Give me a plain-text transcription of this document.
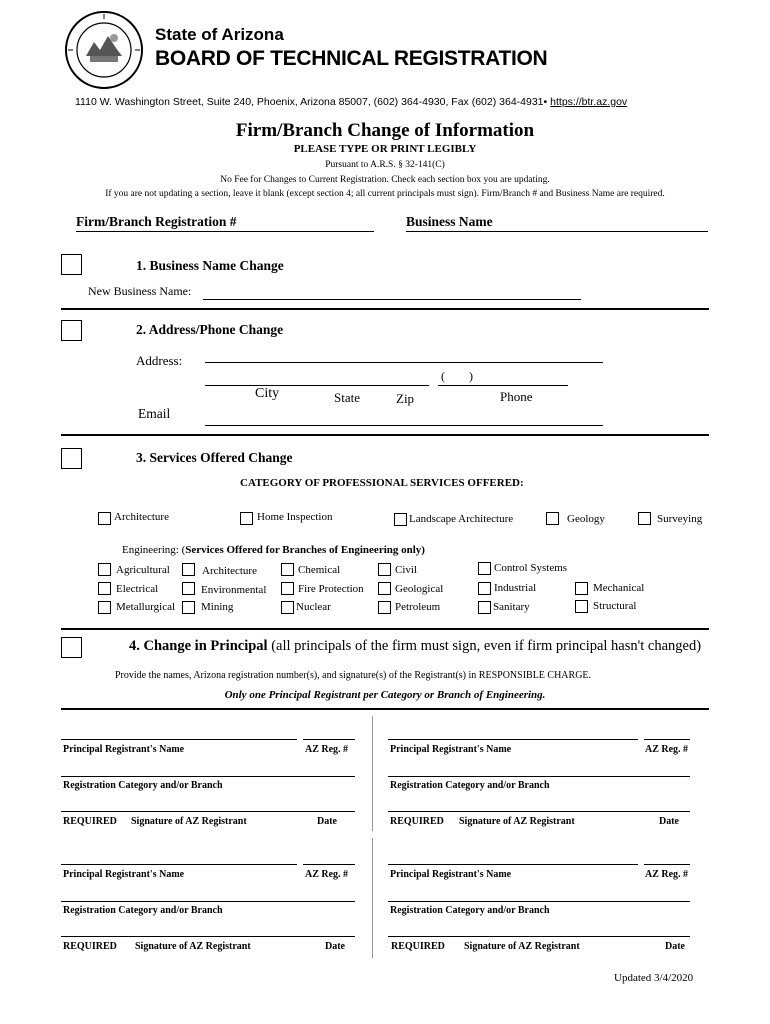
State of Arizona
BOARD OF TECHNICAL REGISTRATION
1110 W. Washington Street, Suite 240, Phoenix, Arizona 85007, (602) 364-4930, Fax (602) 364-4931• https://btr.az.gov
Firm/Branch Change of Information
PLEASE TYPE OR PRINT LEGIBLY
Pursuant to A.R.S. § 32-141(C)
No Fee for Changes to Current Registration. Check each section box you are updating.
If you are not updating a section, leave it blank (except section 4; all current principals must sign). Firm/Branch # and Business Name are required.
Firm/Branch Registration #	Business Name
1. Business Name Change
New Business Name:
2. Address/Phone Change
Address:
(        )
City	State	Zip	Phone
Email
3. Services Offered Change
CATEGORY OF PROFESSIONAL SERVICES OFFERED:
Architecture	Home Inspection	Landscape Architecture	Geology	Surveying
Engineering: (Services Offered for Branches of Engineering only)
Agricultural
Electrical
Metallurgical
Architecture
Environmental
Mining
Chemical
Fire Protection
Nuclear
Civil
Geological
Petroleum
Control Systems
Industrial
Sanitary
Mechanical
Structural
4. Change in Principal (all principals of the firm must sign, even if firm principal hasn't changed)
Provide the names, Arizona registration number(s), and signature(s) of the Registrant(s) in RESPONSIBLE CHARGE.
Only one Principal Registrant per Category or Branch of Engineering.
Principal Registrant's Name	AZ Reg. #
Registration Category and/or Branch
REQUIRED Signature of AZ Registrant	Date
Principal Registrant's Name	AZ Reg. #
Registration Category and/or Branch
REQUIRED Signature of AZ Registrant	Date
Principal Registrant's Name	AZ Reg. #
Registration Category and/or Branch
REQUIRED Signature of AZ Registrant	Date
Principal Registrant's Name	AZ Reg. #
Registration Category and/or Branch
REQUIRED Signature of AZ Registrant	Date
Updated 3/4/2020
